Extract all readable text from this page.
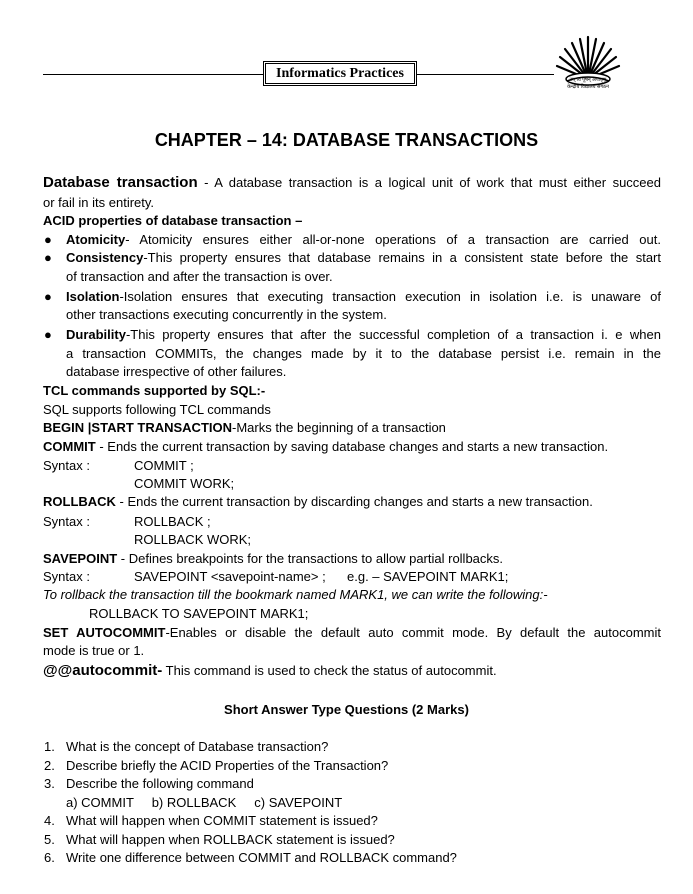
Informatics Practices	तत् त्वं पूषन् अपावृणु
केन्द्रीय विद्यालय संगठन
CHAPTER – 14: DATABASE TRANSACTIONS
Database transaction - A database transaction is a logical unit of work that must either succeed
or fail in its entirety.
ACID properties of database transaction –
● Atomicity- Atomicity ensures either all-or-none operations of a transaction are carried out.
● Consistency-This property ensures that database remains in a consistent state before the start
of transaction and after the transaction is over.
● Isolation-Isolation ensures that executing transaction execution in isolation i.e. is unaware of
other transactions executing concurrently in the system.
● Durability-This property ensures that after the successful completion of a transaction i. e when
a transaction COMMITs, the changes made by it to the database persist i.e. remain in the
database irrespective of other failures.
TCL commands supported by SQL:-
SQL supports following TCL commands
BEGIN |START TRANSACTION-Marks the beginning of a transaction
COMMIT - Ends the current transaction by saving database changes and starts a new transaction.
Syntax :	COMMIT ;
COMMIT WORK;
ROLLBACK - Ends the current transaction by discarding changes and starts a new transaction.
Syntax :	ROLLBACK ;
ROLLBACK WORK;
SAVEPOINT - Defines breakpoints for the transactions to allow partial rollbacks.
Syntax :	SAVEPOINT <savepoint-name> ; e.g. – SAVEPOINT MARK1;
To rollback the transaction till the bookmark named MARK1, we can write the following:-
ROLLBACK TO SAVEPOINT MARK1;
SET AUTOCOMMIT-Enables or disable the default auto commit mode. By default the autocommit
mode is true or 1.
@@autocommit- This command is used to check the status of autocommit.
Short Answer Type Questions (2 Marks)
1. What is the concept of Database transaction?
2. Describe briefly the ACID Properties of the Transaction?
3. Describe the following command
a) COMMIT     b) ROLLBACK     c) SAVEPOINT
4. What will happen when COMMIT statement is issued?
5. What will happen when ROLLBACK statement is issued?
6. Write one difference between COMMIT and ROLLBACK command?
